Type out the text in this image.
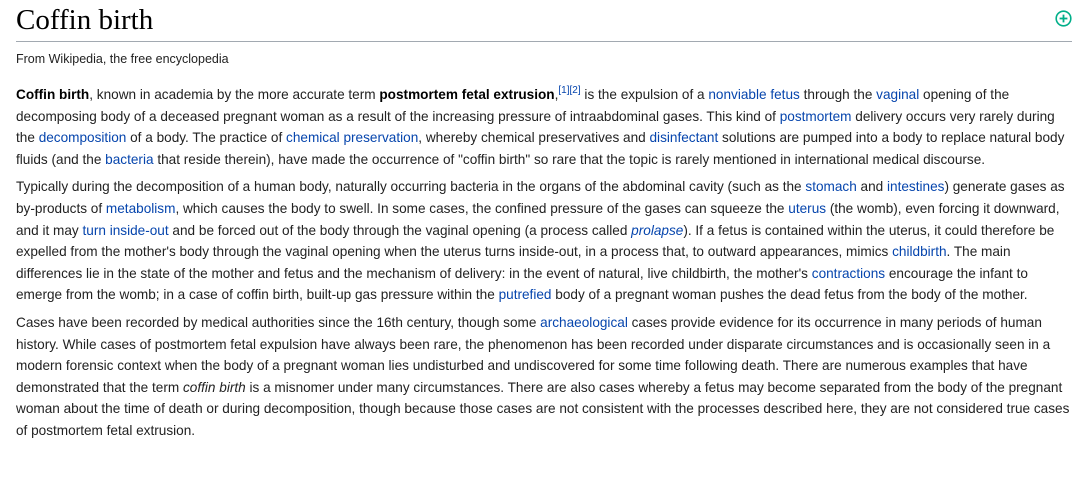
Coffin birth
From Wikipedia, the free encyclopedia

Coffin birth, known in academia by the more accurate term postmortem fetal extrusion,[1][2] is the expulsion of a nonviable fetus through the vaginal opening of the decomposing body of a deceased pregnant woman as a result of the increasing pressure of intraabdominal gases. This kind of postmortem delivery occurs very rarely during the decomposition of a body. The practice of chemical preservation, whereby chemical preservatives and disinfectant solutions are pumped into a body to replace natural body fluids (and the bacteria that reside therein), have made the occurrence of "coffin birth" so rare that the topic is rarely mentioned in international medical discourse.

Typically during the decomposition of a human body, naturally occurring bacteria in the organs of the abdominal cavity (such as the stomach and intestines) generate gases as by-products of metabolism, which causes the body to swell. In some cases, the confined pressure of the gases can squeeze the uterus (the womb), even forcing it downward, and it may turn inside-out and be forced out of the body through the vaginal opening (a process called prolapse). If a fetus is contained within the uterus, it could therefore be expelled from the mother's body through the vaginal opening when the uterus turns inside-out, in a process that, to outward appearances, mimics childbirth. The main differences lie in the state of the mother and fetus and the mechanism of delivery: in the event of natural, live childbirth, the mother's contractions encourage the infant to emerge from the womb; in a case of coffin birth, built-up gas pressure within the putrefied body of a pregnant woman pushes the dead fetus from the body of the mother.

Cases have been recorded by medical authorities since the 16th century, though some archaeological cases provide evidence for its occurrence in many periods of human history. While cases of postmortem fetal expulsion have always been rare, the phenomenon has been recorded under disparate circumstances and is occasionally seen in a modern forensic context when the body of a pregnant woman lies undisturbed and undiscovered for some time following death. There are numerous examples that have demonstrated that the term coffin birth is a misnomer under many circumstances. There are also cases whereby a fetus may become separated from the body of the pregnant woman about the time of death or during decomposition, though because those cases are not consistent with the processes described here, they are not considered true cases of postmortem fetal extrusion.
